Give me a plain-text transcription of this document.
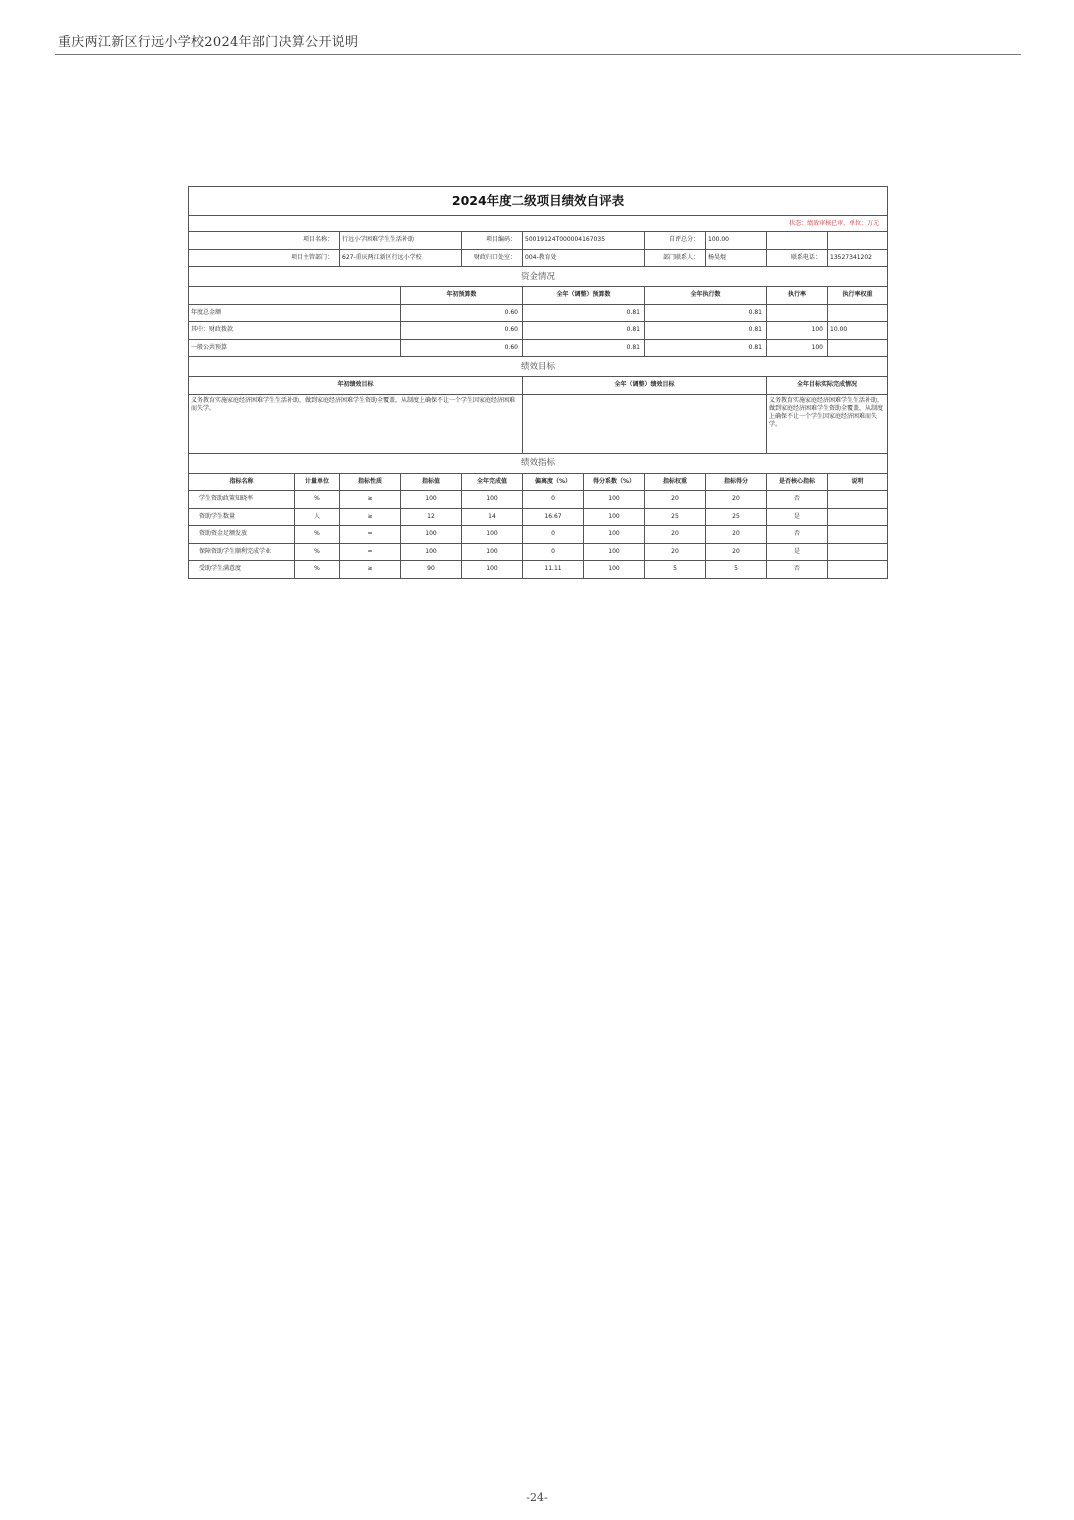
重庆两江新区行远小学校2024年部门决算公开说明
2024年度二级项目绩效自评表											
状态：绩效审核已审，单位：万元											
项目名称：		行远小学困难学生生活补助		项目编码：	50019124T000004167035		自评总分：	100.00			
项目主管部门：		627-重庆两江新区行远小学校		财政归口处室：	004-教育处		部门联系人：	杨昊焜	联系电话：	13527341202	
资金情况											
			年初预算数		全年（调整）预算数		全年执行数		执行率	执行率权重	
年度总金额			0.60		0.81		0.81				
其中：财政拨款			0.60		0.81		0.81		100	10.00	
一般公共预算			0.60		0.81		0.81		100		
绩效目标											
年初绩效目标					全年（调整）绩效目标				全年目标实际完成情况		
义务教育实施家庭经济困难学生生活补助，做到家庭经济困难学生资助全覆盖，从制度上确保不让一个学生因家庭经济困难而失学。									义务教育实施家庭经济困难学生生活补助，做到家庭经济困难学生资助全覆盖，从制度上确保不让一个学生因家庭经济困难而失学。		
绩效指标											
指标名称	计量单位	指标性质	指标值	全年完成值	偏离度（%）	得分系数（%）	指标权重	指标得分	是否核心指标	说明	
学生资助政策知晓率	%	≥	100	100	0	100	20	20	否		
资助学生数量	人	≥	12	14	16.67	100	25	25	是		
资助资金足额发放	%	=	100	100	0	100	20	20	否		
保障资助学生顺利完成学业	%	=	100	100	0	100	20	20	是		
受助学生满意度	%	≥	90	100	11.11	100	5	5	否		
-24-
